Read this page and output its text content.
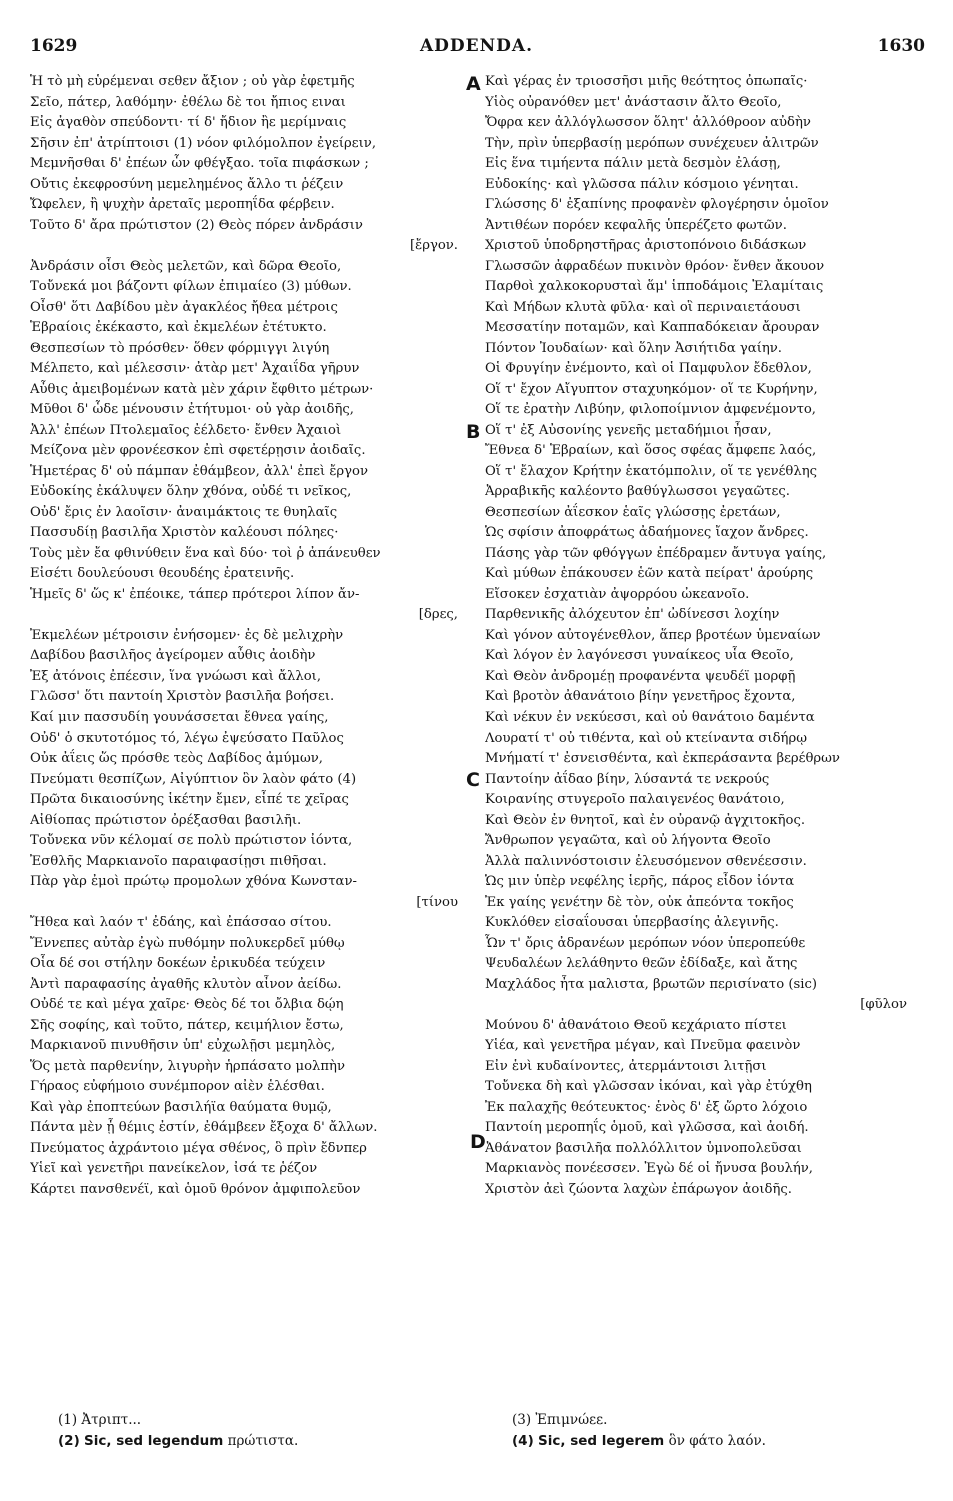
1629	ADDENDA.	1630
Ἡ τὸ μὴ εὑρέμεναι σεθεν ἄξιον ; οὐ γὰρ ἐφετμῆς
Σεῖο, πάτερ, λαθόμην· ἐθέλω δὲ τοι ἤπιος ειναι
Εἰς ἀγαθὸν σπεύδοντι· τί δ' ἤδιον ἢε μερίμναις
Σῆσιν ἐπ' ἀτρίπτοισι (1) νόον φιλόμολπον ἐγείρειν,
Μεμνῆσθαι δ' ἐπέων ὧν φθέγξαο. τοῖα πιφάσκων ;
Οὔτις ἐκεφροσύνη μεμελημένος ἄλλο τι ῥέζειν
Ὤφελεν, ἢ ψυχὴν ἀρεταῖς μεροπηΐδα φέρβειν.
Τοῦτο δ' ἄρα πρώτιστον (2) Θεὸς πόρεν ἀνδράσιν
[ἔργον.
Ἀνδράσιν οἷσι Θεὸς μελετῶν, καὶ δῶρα Θεοῖο,
Τοὔνεκά μοι βάζοντι φίλων ἐπιμαίεο (3) μύθων.
Οἶσθ' ὅτι Δαβίδου μὲν ἀγακλέος ἤθεα μέτροις
Ἑβραίοις ἐκέκαστο, καὶ ἐκμελέων ἐτέτυκτο.
Θεσπεσίων τὸ πρόσθεν· ὅθεν φόρμιγγι λιγύη
Μέλπετο, καὶ μέλεσσιν· ἀτὰρ μετ' Ἀχαιΐδα γῆρυν
Αὖθις ἀμειβομένων κατὰ μὲν χάριν ἔφθιτο μέτρων·
Μῦθοι δ' ὧδε μένουσιν ἐτήτυμοι· οὐ γὰρ ἀοιδῆς,
Ἀλλ' ἐπέων Πτολεμαῖος ἐέλδετο· ἔνθεν Ἀχαιοὶ
Μείζονα μὲν φρονέεσκον ἐπὶ σφετέρῃσιν ἀοιδαῖς.
Ἡμετέρας δ' οὐ πάμπαν ἐθάμβεον, ἀλλ' ἐπεὶ ἔργον
Εὐδοκίης ἐκάλυψεν ὅλην χθόνα, οὐδέ τι νεῖκος,
Οὐδ' ἔρις ἐν λαοῖσιν· ἀναιμάκτοις τε θυηλαῖς
Πασσυδίῃ βασιλῆα Χριστὸν καλέουσι πόληες·
Τοὺς μὲν ἔα φθινύθειν ἕνα καὶ δύο· τοὶ ῥ ἀπάνευθεν
Εἰσέτι δουλεύουσι θεουδέης ἐρατεινῆς.
Ἡμεῖς δ' ὥς κ' ἐπέοικε, τάπερ πρότεροι λίπον ἄν-
[δρες,
Ἐκμελέων μέτροισιν ἐνήσομεν· ἐς δὲ μελιχρὴν
Δαβίδου βασιλῆος ἀγείρομεν αὖθις ἀοιδὴν
Ἐξ ἀτόνοις ἐπέεσιν, ἵνα γνώωσι καὶ ἄλλοι,
Γλῶσσ' ὅτι παντοίη Χριστὸν βασιλῆα βοήσει.
Καί μιν πασσυδίη γουνάσσεται ἔθνεα γαίης,
Οὐδ' ὁ σκυτοτόμος τό, λέγω ἐψεύσατο Παῦλος
Οὐκ ἀΐεις ὥς πρόσθε τεὸς Δαβίδος ἀμύμων,
Πνεύματι θεσπίζων, Αἰγύπτιον ὃν λαὸν φάτο (4)
Πρῶτα δικαιοσύνης ἱκέτην ἔμεν, εἶπέ τε χεῖρας
Αἰθίοπας πρώτιστον ὀρέξασθαι βασιλῆι.
Τοὔνεκα νῦν κέλομαί σε πολὺ πρώτιστον ἰόντα,
Ἐσθλῆς Μαρκιανοῖο παραιφασίῃσι πιθῆσαι.
Πὰρ γὰρ ἐμοὶ πρώτῳ προμολων χθόνα Κωνσταν-
[τίνου
Ἤθεα καὶ λαόν τ' ἐδάης, καὶ ἐπάσσαο σίτου.
Ἔννεπες αὐτὰρ ἐγὼ πυθόμην πολυκερδεῖ μύθῳ
Οἷα δέ σοι στήλην δοκέων ἐρικυδέα τεύχειν
Ἀντὶ παραφασίης ἀγαθῆς κλυτὸν αἶνον ἀείδω.
Οὐδέ τε καὶ μέγα χαῖρε· Θεὸς δέ τοι ὄλβια δῴη
Σῆς σοφίης, καὶ τοῦτο, πάτερ, κειμήλιον ἔστω,
Μαρκιανοῦ πινυθῆσιν ὑπ' εὐχωλῇσι μεμηλὸς,
Ὅς μετὰ παρθενίην, λιγυρὴν ἡρπάσατο μολπὴν
Γήραος εὐφήμοιο συνέμπορον αἰὲν ἑλέσθαι.
Καὶ γὰρ ἐποπτεύων βασιλήϊα θαύματα θυμῷ,
Πάντα μὲν ᾗ θέμις ἐστίν, ἐθάμβεεν ἔξοχα δ' ἄλλων.
Πνεύματος ἀχράντοιο μέγα σθένος, ὃ πρὶν ἔδνπερ
Υἱεῖ καὶ γενετῆρι πανείκελον, ἰσά τε ῥέζον
Κάρτει πανσθενέϊ, καὶ ὁμοῦ θρόνον ἀμφιπολεῦον
Καὶ γέρας ἐν τριοσσῆσι μιῆς θεότητος ὀπωπαῖς·
Υἱὸς οὐρανόθεν μετ' ἀνάστασιν ἄλτο Θεοῖο,
Ὄφρα κεν ἀλλόγλωσσον ὅλητ' ἀλλόθροον αὐδὴν
Τὴν, πρὶν ὑπερβασίῃ μερόπων συνέχευεν ἀλιτρῶν
Εἰς ἕνα τιμήεντα πάλιν μετὰ δεσμὸν ἐλάσῃ,
Εὐδοκίης· καὶ γλῶσσα πάλιν κόσμοιο γένηται.
Γλώσσης δ' ἐξαπίνης προφανὲν φλογέρησιν ὁμοῖον
Ἀντιθέων πορόεν κεφαλῆς ὑπερέζετο φωτῶν.
Χριστοῦ ὑποδρηστῆρας ἀριστοπόνοιο διδάσκων
Γλωσσῶν ἀφραδέων πυκινὸν θρόον· ἔνθεν ἄκουον
Παρθοὶ χαλκοκορυσταὶ ἅμ' ἱπποδάμοις Ἐλαμίταις
Καὶ Μήδων κλυτὰ φῦλα· καὶ οἳ περιναιετάουσι
Μεσσατίην ποταμῶν, καὶ Καππαδόκειαν ἄρουραν
Πόντον Ἰουδαίων· καὶ ὅλην Ἀσιήτιδα γαίην.
Οἱ Φρυγίην ἐνέμοντο, καὶ οἱ Παμφυλον ἔδεθλον,
Οἵ τ' ἔχον Αἴγυπτον σταχυηκόμον· οἵ τε Κυρήνην,
Οἵ τε ἐρατὴν Λιβύην, φιλοποίμνιον ἀμφενέμοντο,
Οἵ τ' ἐξ Αὐσονίης γενεῆς μεταδήμιοι ἦσαν,
Ἔθνεα δ' Ἑβραίων, καὶ ὅσος σφέας ἄμφεπε λαός,
Οἵ τ' ἔλαχον Κρήτην ἑκατόμπολιν, οἵ τε γενέθλης
Ἀρραβικῆς καλέοντο βαθύγλωσσοι γεγαῶτες.
Θεσπεσίων ἀΐεσκον ἑαῖς γλώσσῃς ἐρετάων,
Ὡς σφίσιν ἀποφράτως ἀδαήμονες ἴαχον ἄνδρες.
Πάσης γὰρ τῶν φθόγγων ἐπέδραμεν ἄντυγα γαίης,
Καὶ μύθων ἐπάκουσεν ἑῶν κατὰ πείρατ' ἀρούρης
Εἴσοκεν ἐσχατιὰν ἀψορρόου ὠκεανοῖο.
Παρθενικῆς ἀλόχευτον ἐπ' ὠδίνεσσι λοχίην
Καὶ γόνον αὐτογένεθλον, ἅπερ βροτέων ὑμεναίων
Καὶ λόγον ἐν λαγόνεσσι γυναίκεος υἷα Θεοῖο,
Καὶ Θεὸν ἀνδρομέῃ προφανέντα ψευδέϊ μορφῇ
Καὶ βροτὸν ἀθανάτοιο βίην γενετῆρος ἔχοντα,
Καὶ νέκυν ἐν νεκύεσσι, καὶ οὐ θανάτοιο δαμέντα
Λουρατί τ' οὐ τιθέντα, καὶ οὐ κτείναντα σιδήρῳ
Μνήματί τ' ἐσνεισθέντα, καὶ ἐκπεράσαντα βερέθρων
Παντοίην ἀΐδαο βίην, λύσαντά τε νεκρούς
Κοιρανίης στυγεροῖο παλαιγενέος θανάτοιο,
Καὶ Θεὸν ἐν θνητοῖ, καὶ ἐν οὐρανῷ ἀγχιτοκῆος.
Ἄνθρωπον γεγαῶτα, καὶ οὐ λήγοντα Θεοῖο
Ἀλλὰ παλιννόστοισιν ἐλευσόμενον σθενέεσσιν.
Ὡς μιν ὑπὲρ νεφέλης ἱερῆς, πάρος εἶδον ἰόντα
Ἐκ γαίης γενέτην δὲ τὸν, οὐκ ἀπεόντα τοκῆος
Κυκλόθεν εἰσαΐουσαι ὑπερβασίης ἀλεγινῆς.
Ὧν τ' ὄρις ἀδρανέων μερόπων νόον ὑπεροπεύθε
Ψευδαλέων λελάθηντο θεῶν ἐδίδαξε, καὶ ἄτης
Μαχλάδος ἦτα μαλιστα, βρωτῶν περισίνατο (sic)
[φῦλον
Μούνου δ' ἀθανάτοιο Θεοῦ κεχάριατο πίστει
Υἱέα, καὶ γενετῆρα μέγαν, καὶ Πνεῦμα φαεινὸν
Εἰν ἑνὶ κυδαίνοντες, ἀτερμάντοισι λιτῇσι
Τοὔνεκα δὴ καὶ γλῶσσαν ἰκόναι, καὶ γὰρ ἐτύχθη
Ἐκ παλαχῆς θεότευκτος· ἑνὸς δ' ἐξ ὥρτο λόχοιο
Παντοίη μεροπηΐς ὁμοῦ, καὶ γλῶσσα, καὶ ἀοιδή.
Ἀθάνατον βασιλῆα πολλόλλιτον ὑμνοπολεῦσαι
Μαρκιανὸς πονέεσσεν. Ἐγὼ δέ οἱ ἤνυσα βουλήν,
Χριστὸν ἀεὶ ζώοντα λαχὼν ἐπάρωγον ἀοιδῆς.
A
B
C
D
(1) Ἀτριπτ...
(2) Sic, sed legendum πρώτιστα.
(3) Ἐπιμνώεε.
(4) Sic, sed legerem ὃν φάτο λαόν.
